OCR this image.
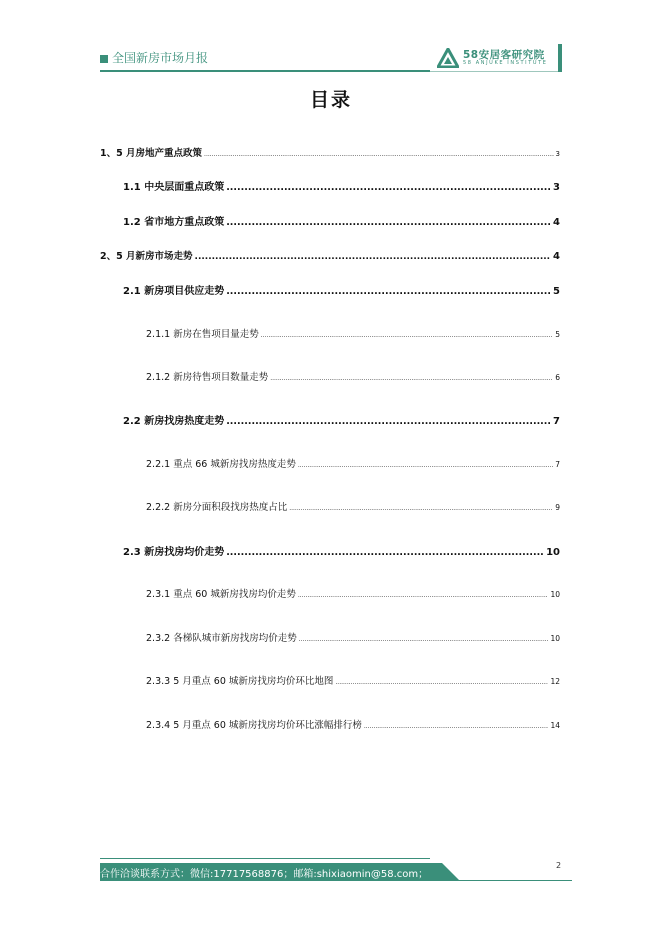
全国新房市场月报	58安居客研究院
58 ANJUKE INSTITUTE
目录
1、5 月房地产重点政策 .....	3
1.1 中央层面重点政策 .....	3
1.2 省市地方重点政策 .....	4
2、5 月新房市场走势 .....	4
2.1 新房项目供应走势 .....	5
2.1.1 新房在售项目量走势 .....	5
2.1.2 新房待售项目数量走势 .....	6
2.2 新房找房热度走势 .....	7
2.2.1 重点 66 城新房找房热度走势 .....	7
2.2.2 新房分面积段找房热度占比 .....	9
2.3 新房找房均价走势 .....	10
2.3.1 重点 60 城新房找房均价走势 .....	10
2.3.2 各梯队城市新房找房均价走势 .....	10
2.3.3 5 月重点 60 城新房找房均价环比地图 .....	12
2.3.4 5 月重点 60 城新房找房均价环比涨幅排行榜 .....	14
合作洽谈联系方式：微信:17717568876；邮箱:shixiaomin@58.com；
2
